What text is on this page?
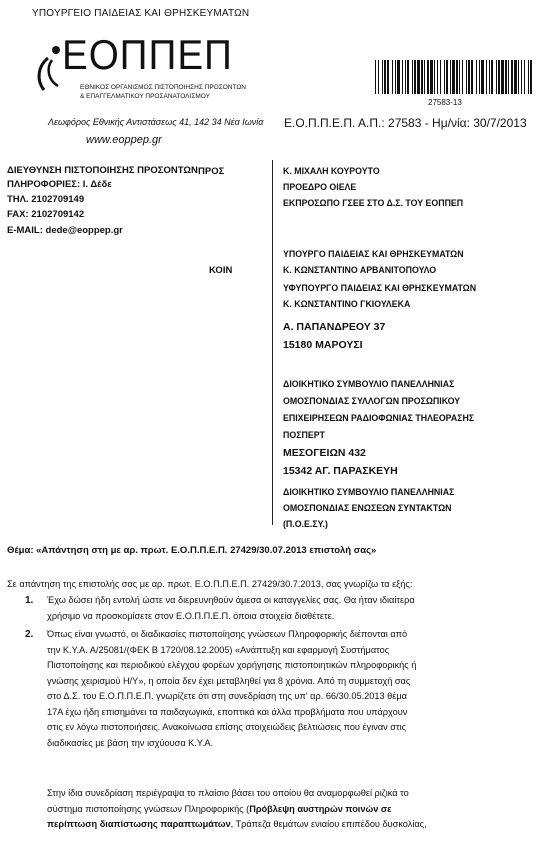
ΥΠΟΥΡΓΕΙΟ ΠΑΙΔΕΙΑΣ ΚΑΙ ΘΡΗΣΚΕΥΜΑΤΩΝ
ΕΟΠΠΕΠ
ΕΘΝΙΚΟΣ ΟΡΓΑΝΙΣΜΟΣ ΠΙΣΤΟΠΟΙΗΣΗΣ ΠΡΟΣΟΝΤΩΝ
& ΕΠΑΓΓΕΛΜΑΤΙΚΟΥ ΠΡΟΣΑΝΑΤΟΛΙΣΜΟΥ
Λεωφόρος Εθνικής Αντιστάσεως 41, 142 34 Νέα Ιωνία
www.eoppep.gr
27583-13
Ε.Ο.Π.Π.Ε.Π. Α.Π.: 27583 - Ημ/νία: 30/7/2013
ΔΙΕΥΘΥΝΣΗ ΠΙΣΤΟΠΟΙΗΣΗΣ ΠΡΟΣΟΝΤΩΝ
ΠΛΗΡΟΦΟΡΙΕΣ: Ι. Δέδε
ΤΗΛ. 2102709149
FAX: 2102709142
E-MAIL: dede@eoppep.gr
ΠΡΟΣ
ΚΟΙΝ
Κ. ΜΙΧΑΛΗ ΚΟΥΡΟΥΤΟ
ΠΡΟΕΔΡΟ ΟΙΕΛΕ
ΕΚΠΡΟΣΩΠΟ ΓΣΕΕ ΣΤΟ Δ.Σ. ΤΟΥ ΕΟΠΠΕΠ
ΥΠΟΥΡΓΟ ΠΑΙΔΕΙΑΣ ΚΑΙ ΘΡΗΣΚΕΥΜΑΤΩΝ
Κ. ΚΩΝΣΤΑΝΤΙΝΟ ΑΡΒΑΝΙΤΟΠΟΥΛΟ
ΥΦΥΠΟΥΡΓΟ ΠΑΙΔΕΙΑΣ ΚΑΙ ΘΡΗΣΚΕΥΜΑΤΩΝ
Κ. ΚΩΝΣΤΑΝΤΙΝΟ ΓΚΙΟΥΛΕΚΑ
Α. ΠΑΠΑΝΔΡΕΟΥ 37
15180 ΜΑΡΟΥΣΙ
ΔΙΟΙΚΗΤΙΚΟ ΣΥΜΒΟΥΛΙΟ ΠΑΝΕΛΛΗΝΙΑΣ
ΟΜΟΣΠΟΝΔΙΑΣ ΣΥΛΛΟΓΩΝ ΠΡΟΣΩΠΙΚΟΥ
ΕΠΙΧΕΙΡΗΣΕΩΝ ΡΑΔΙΟΦΩΝΙΑΣ ΤΗΛΕΟΡΑΣΗΣ
ΠΟΣΠΕΡΤ
ΜΕΣΟΓΕΙΩΝ 432
15342 ΑΓ. ΠΑΡΑΣΚΕΥΗ
ΔΙΟΙΚΗΤΙΚΟ ΣΥΜΒΟΥΛΙΟ ΠΑΝΕΛΛΗΝΙΑΣ
ΟΜΟΣΠΟΝΔΙΑΣ ΕΝΩΣΕΩΝ ΣΥΝΤΑΚΤΩΝ
(Π.Ο.Ε.ΣΥ.)
Θέμα: «Απάντηση στη με αρ. πρωτ. Ε.Ο.Π.Π.Ε.Π. 27429/30.07.2013 επιστολή σας»
Σε απάντηση της επιστολής σας με αρ. πρωτ. Ε.Ο.Π.Π.Ε.Π. 27429/30.7.2013, σας γνωρίζω τα εξής:
1.	Έχω δώσει ήδη εντολή ώστε να διερευνηθούν άμεσα οι καταγγελίες σας. Θα ήταν ιδιαίτερα
χρήσιμο να προσκομίσετε στον Ε.Ο.Π.Π.Ε.Π. όποια στοιχεία διαθέτετε.
2.	Όπως είναι γνωστό, οι διαδικασίες πιστοποίησης γνώσεων Πληροφορικής διέπονται από
την Κ.Υ.Α. Α/25081/(ΦΕΚ Β 1720/08.12.2005) «Ανάπτυξη και εφαρμογή Συστήματος
Πιστοποίησης και περιοδικού ελέγχου φορέων χορήγησης πιστοποιητικών πληροφορικής ή
γνώσης χειρισμού Η/Υ», η οποία δεν έχει μεταβληθεί για 8 χρόνια. Από τη συμμετοχή σας
στο Δ.Σ. του Ε.Ο.Π.Π.Ε.Π. γνωρίζετε ότι στη συνεδρίαση της υπ' αρ. 66/30.05.2013 θέμα
17Α έχω ήδη επισημάνει τα παιδαγωγικά, εποπτικά και άλλα προβλήματα που υπάρχουν
στις εν λόγω πιστοποιήσεις. Ανακοίνωσα επίσης στοιχειώδεις βελτιώσεις που έγιναν στις
διαδικασίες με βάση την ισχύουσα Κ.Υ.Α.
Στην ίδια συνεδρίαση περιέγραψα το πλαίσιο βάσει του οποίου θα αναμορφωθεί ριζικά το
σύστημα πιστοποίησης γνώσεων Πληροφορικής (Πρόβλεψη αυστηρών ποινών σε
περίπτωση διαπίστωσης παραπτωμάτων, Τράπεζα θεμάτων ενιαίου επιπέδου δυσκολίας,
